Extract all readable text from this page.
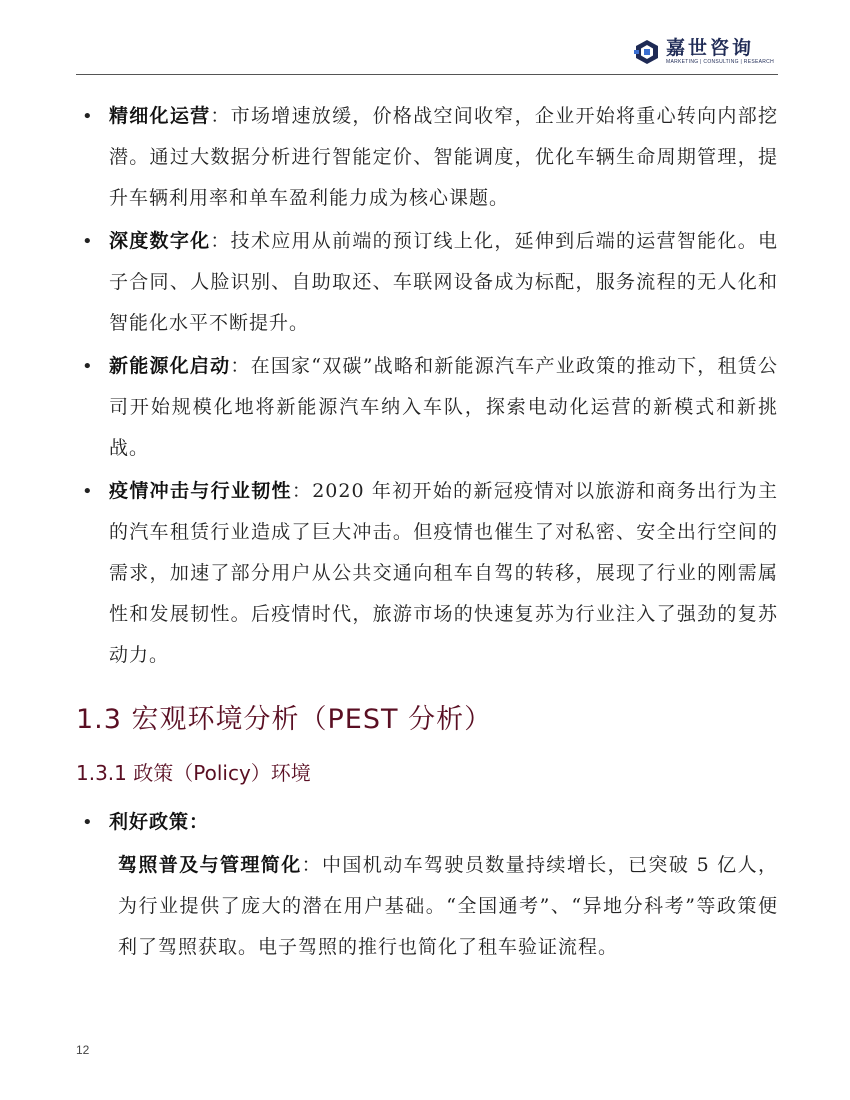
嘉世咨询
MARKETING | CONSULTING | RESEARCH
• 精细化运营：市场增速放缓，价格战空间收窄，企业开始将重心转向内部挖潜。通过大数据分析进行智能定价、智能调度，优化车辆生命周期管理，提升车辆利用率和单车盈利能力成为核心课题。
• 深度数字化：技术应用从前端的预订线上化，延伸到后端的运营智能化。电子合同、人脸识别、自助取还、车联网设备成为标配，服务流程的无人化和智能化水平不断提升。
• 新能源化启动：在国家“双碳”战略和新能源汽车产业政策的推动下，租赁公司开始规模化地将新能源汽车纳入车队，探索电动化运营的新模式和新挑战。
• 疫情冲击与行业韧性：2020 年初开始的新冠疫情对以旅游和商务出行为主的汽车租赁行业造成了巨大冲击。但疫情也催生了对私密、安全出行空间的需求，加速了部分用户从公共交通向租车自驾的转移，展现了行业的刚需属性和发展韧性。后疫情时代，旅游市场的快速复苏为行业注入了强劲的复苏动力。
1.3 宏观环境分析（PEST 分析）
1.3.1 政策（Policy）环境
• 利好政策：
驾照普及与管理简化：中国机动车驾驶员数量持续增长，已突破 5 亿人，为行业提供了庞大的潜在用户基础。“全国通考”、“异地分科考”等政策便利了驾照获取。电子驾照的推行也简化了租车验证流程。
12
